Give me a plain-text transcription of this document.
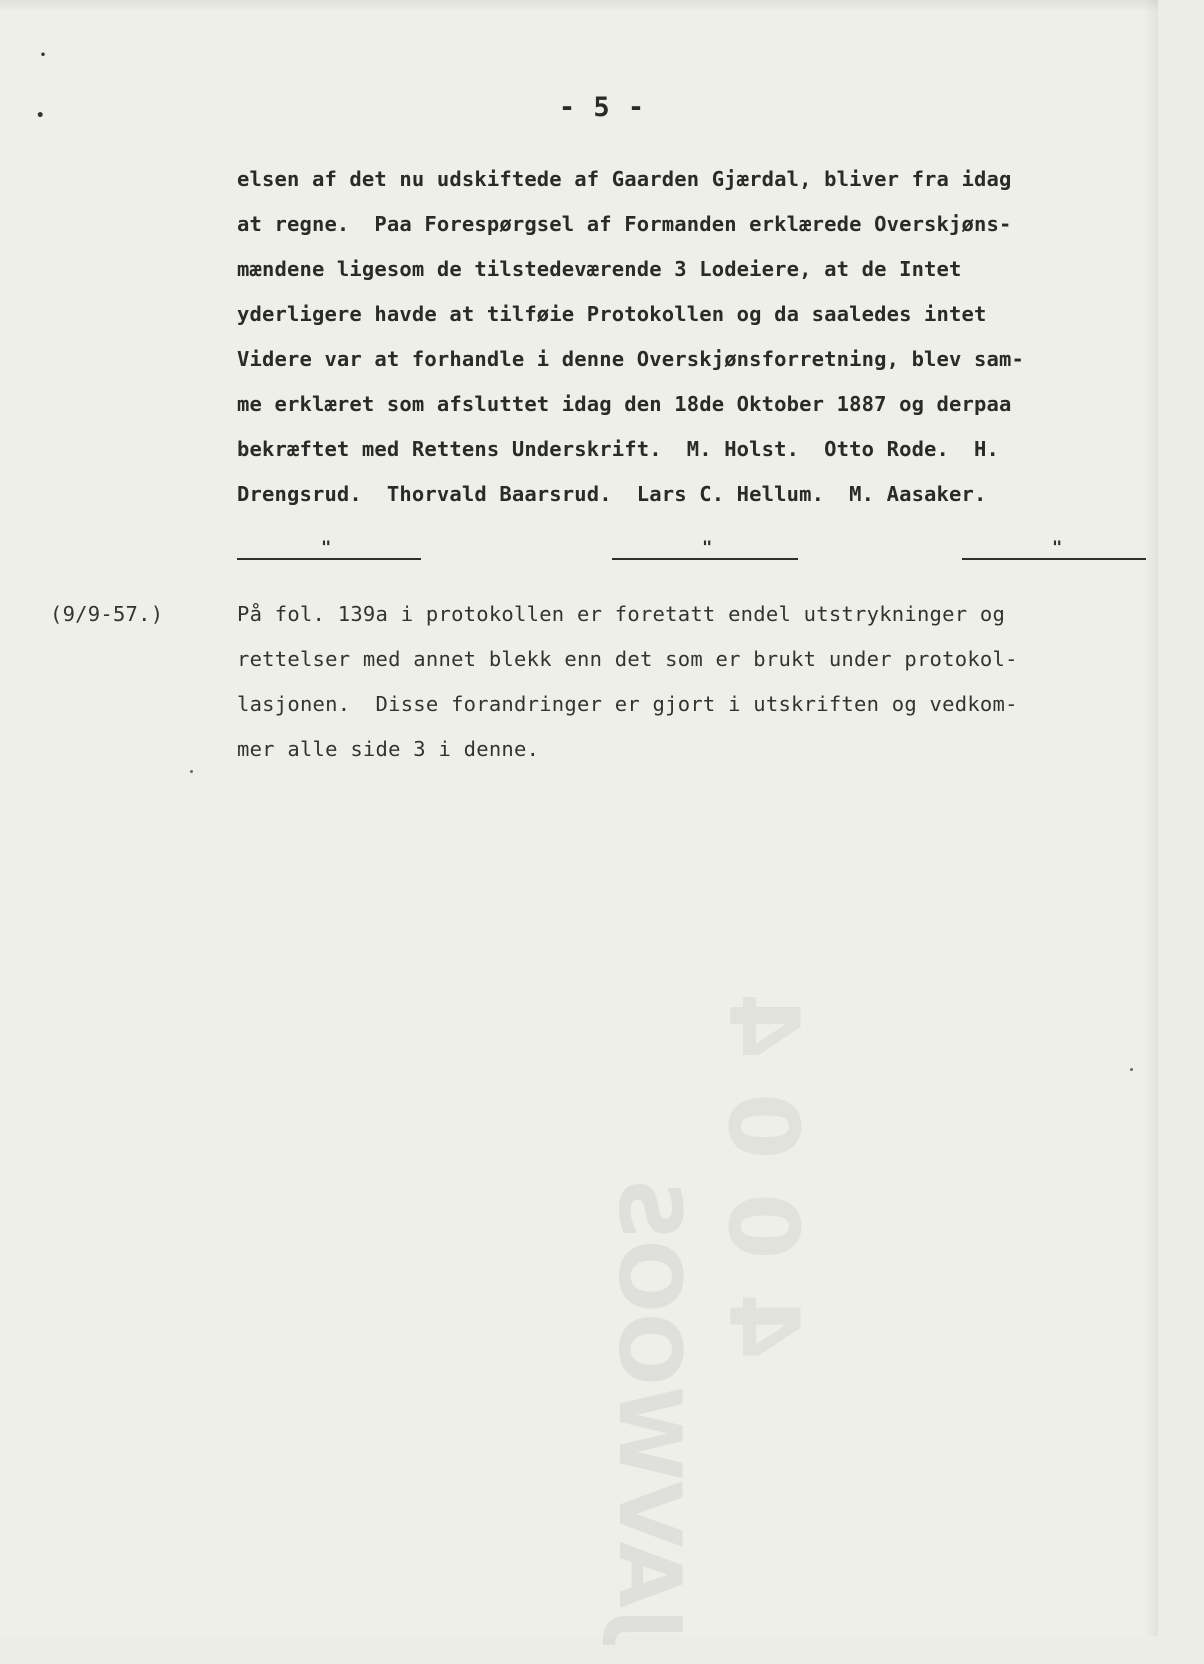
JAVWOOS
4 0 0 4
•
•	- 5 -
elsen af det nu udskiftede af Gaarden Gjærdal, bliver fra idag
at regne.  Paa Forespørgsel af Formanden erklærede Overskjøns-
mændene ligesom de tilstedeværende 3 Lodeiere, at de Intet
yderligere havde at tilføie Protokollen og da saaledes intet
Videre var at forhandle i denne Overskjønsforretning, blev sam-
me erklæret som afsluttet idag den 18de Oktober 1887 og derpaa
bekræftet med Rettens Underskrift.  M. Holst.  Otto Rode.  H.
Drengsrud.  Thorvald Baarsrud.  Lars C. Hellum.  M. Aasaker.
"	"	"
(9/9-57.)	På fol. 139a i protokollen er foretatt endel utstrykninger og
rettelser med annet blekk enn det som er brukt under protokol-
lasjonen.  Disse forandringer er gjort i utskriften og vedkom-
mer alle side 3 i denne.
